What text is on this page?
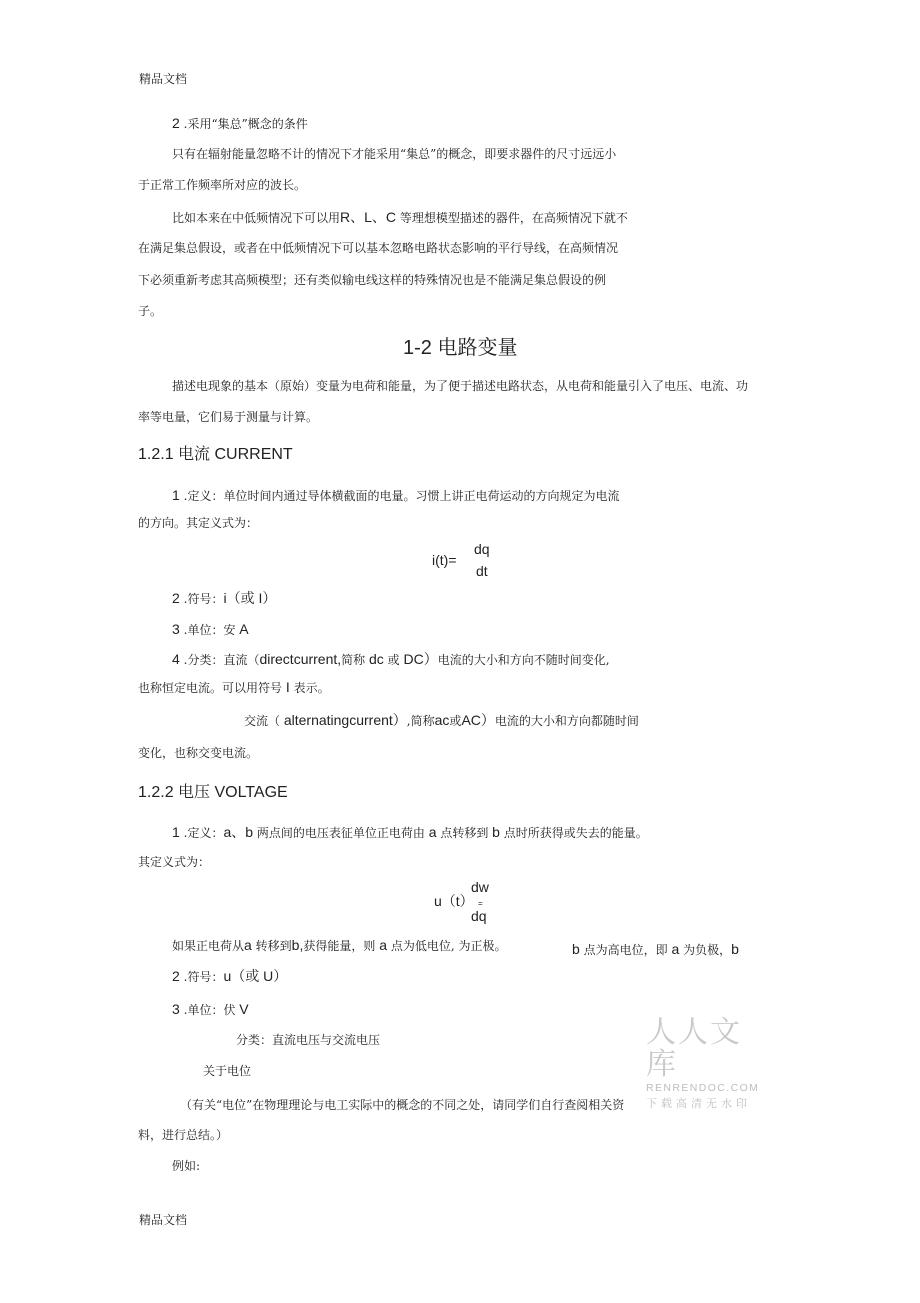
精品文档
2 .采用“集总”概念的条件
只有在辐射能量忽略不计的情况下才能采用“集总”的概念，即要求器件的尺寸远远小
于正常工作频率所对应的波长。
比如本来在中低频情况下可以用R、L、C 等理想模型描述的器件，在高频情况下就不
在满足集总假设，或者在中低频情况下可以基本忽略电路状态影响的平行导线，在高频情况
下必须重新考虑其高频模型；还有类似输电线这样的特殊情况也是不能满足集总假设的例
子。
1-2 电路变量
描述电现象的基本（原始）变量为电荷和能量，为了便于描述电路状态，从电荷和能量引入了电压、电流、功
率等电量，它们易于测量与计算。
1.2.1 电流 CURRENT
1 .定义：单位时间内通过导体横截面的电量。习惯上讲正电荷运动的方向规定为电流
的方向。其定义式为：
i(t)=
dq
dt
2 .符号：i（或 I）
3 .单位：安 A
4 .分类：直流（directcurrent,简称 dc 或 DC）电流的大小和方向不随时间变化,
也称恒定电流。可以用符号 I 表示。
交流（ alternatingcurrent）,简称ac或AC）电流的大小和方向都随时间
变化，也称交变电流。
1.2.2 电压 VOLTAGE
1 .定义：a、b 两点间的电压表征单位正电荷由 a 点转移到 b 点时所获得或失去的能量。
其定义式为：
u（t） =
dw
dq
如果正电荷从a 转移到b,获得能量，则 a 点为低电位, 为正极。	b 点为高电位，即 a 为负极，b
2 .符号：u（或 U）
3 .单位：伏 V
分类：直流电压与交流电压
关于电位
（有关“电位”在物理理论与电工实际中的概念的不同之处，请同学们自行查阅相关资
料，进行总结。）
例如:
人人文库
RENRENDOC.COM
下载高清无水印
精品文档
